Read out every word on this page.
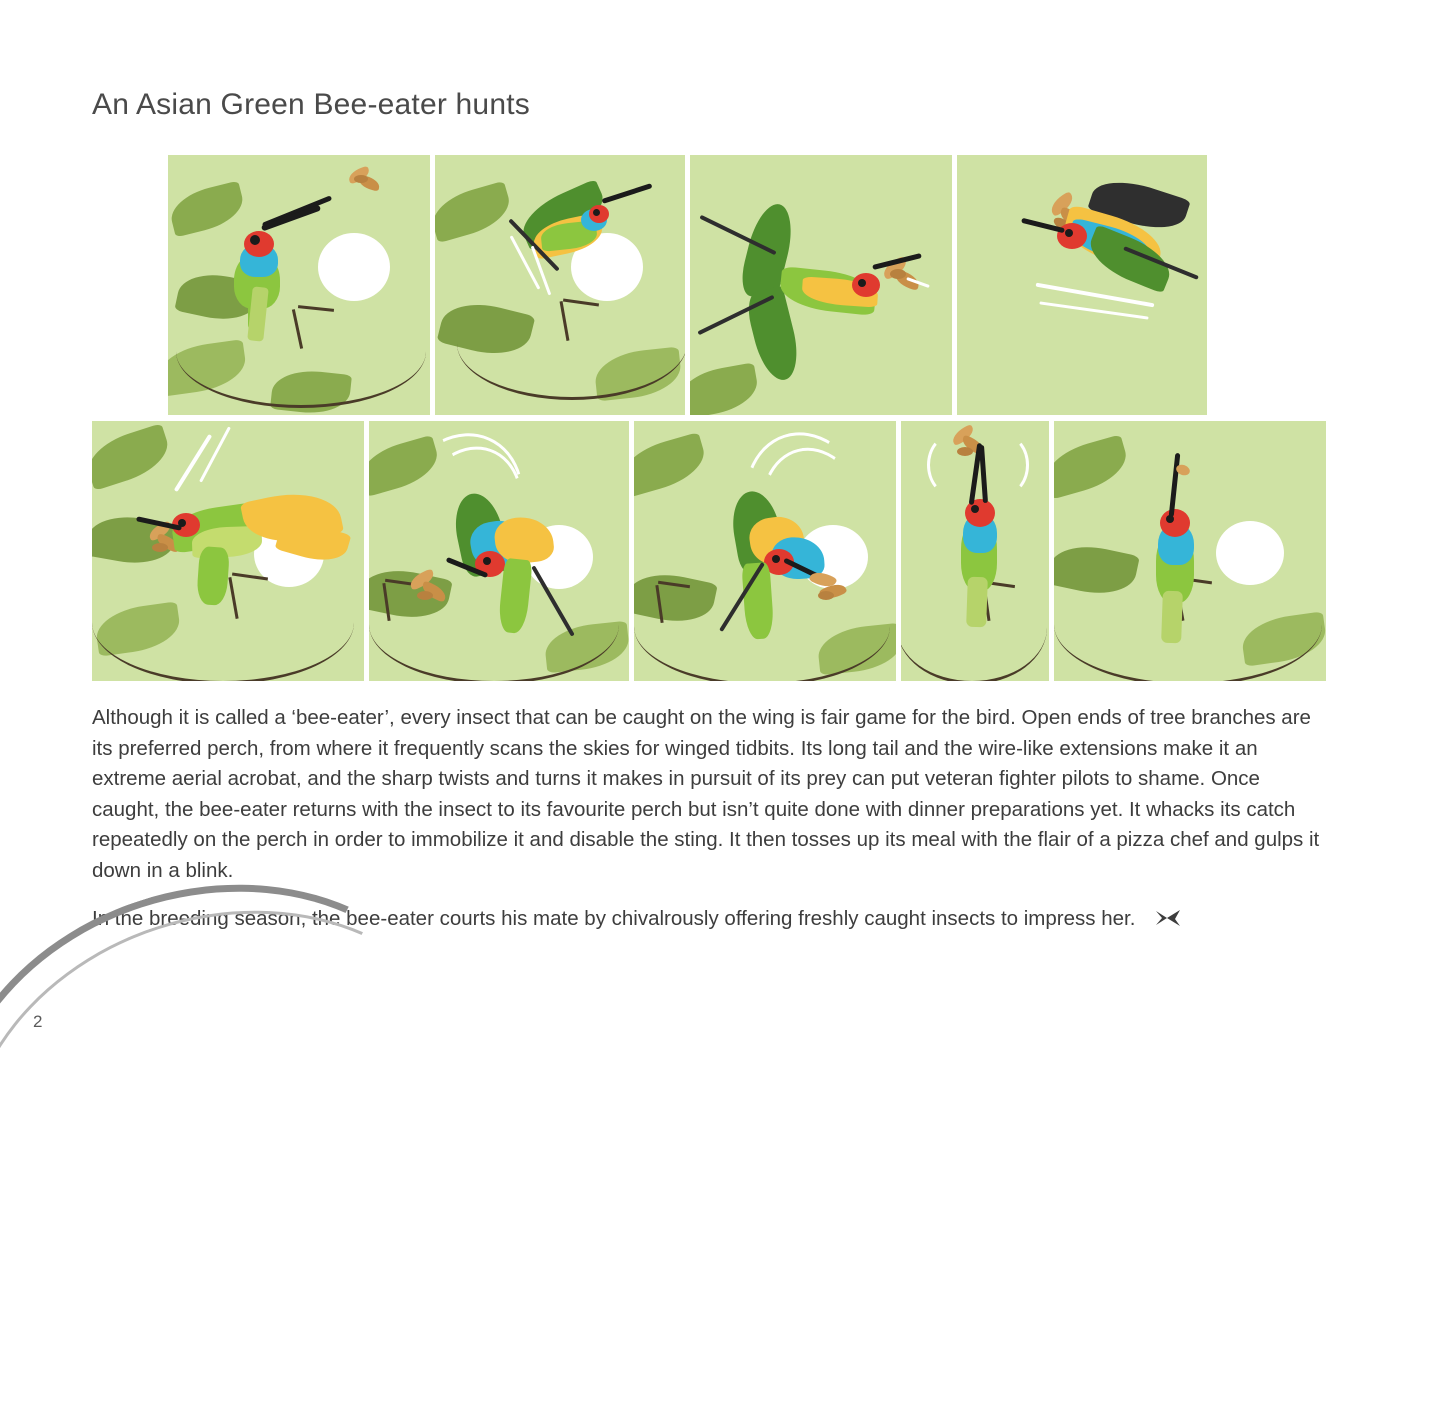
An Asian Green Bee-eater hunts

Although it is called a ‘bee-eater’, every insect that can be caught on the wing is fair game for the bird. Open ends of tree branches are its preferred perch, from where it frequently scans the skies for winged tidbits. Its long tail and the wire-like extensions make it an extreme aerial acrobat, and the sharp twists and turns it makes in pursuit of its prey can put veteran fighter pilots to shame. Once caught, the bee-eater returns with the insect to its favourite perch but isn’t quite done with dinner preparations yet. It whacks its catch repeatedly on the perch in order to immobilize it and disable the sting. It then tosses up its meal with the flair of a pizza chef and gulps it down in a blink.

In the breeding season, the bee-eater courts his mate by chivalrously offering freshly caught insects to impress her.

2
